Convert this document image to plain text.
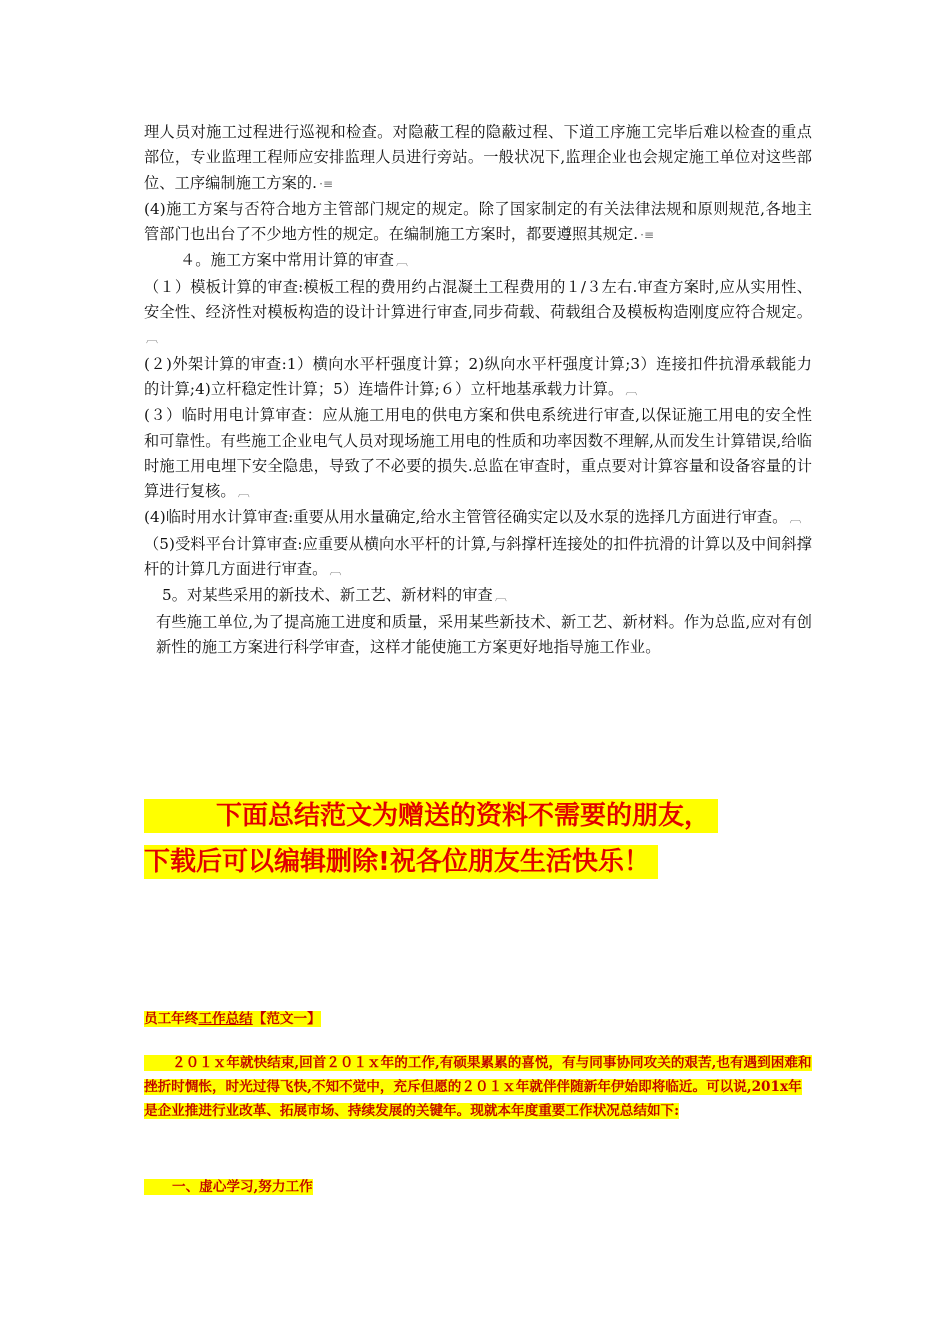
理人员对施工过程进行巡视和检查。对隐蔽工程的隐蔽过程、下道工序施工完毕后难以检查的重点部位，专业监理工程师应安排监理人员进行旁站。一般状况下,监理企业也会规定施工单位对这些部位、工序编制施工方案的. ·≡

(4)施工方案与否符合地方主管部门规定的规定。除了国家制定的有关法律法规和原则规范,各地主管部门也出台了不少地方性的规定。在编制施工方案时，都要遵照其规定. ·≡

４。施工方案中常用计算的审查 ︹

（１）模板计算的审查:模板工程的费用约占混凝土工程费用的１/３左右.审查方案时,应从实用性、安全性、经济性对模板构造的设计计算进行审查,同步荷载、荷载组合及模板构造刚度应符合规定。︹

(２)外架计算的审查:1）横向水平杆强度计算；2)纵向水平杆强度计算;3）连接扣件抗滑承载能力的计算;4)立杆稳定性计算；5）连墙件计算;６）立杆地基承载力计算。 ︹

(３）临时用电计算审查：应从施工用电的供电方案和供电系统进行审查,以保证施工用电的安全性和可靠性。有些施工企业电气人员对现场施工用电的性质和功率因数不理解,从而发生计算错误,给临时施工用电埋下安全隐患，导致了不必要的损失.总监在审查时，重点要对计算容量和设备容量的计算进行复核。 ︹

(4)临时用水计算审查:重要从用水量确定,给水主管管径确实定以及水泵的选择几方面进行审查。 ︹

（5)受料平台计算审查:应重要从横向水平杆的计算,与斜撑杆连接处的扣件抗滑的计算以及中间斜撑杆的计算几方面进行审查。 ︹

5。对某些采用的新技术、新工艺、新材料的审查 ︹

有些施工单位,为了提高施工进度和质量，采用某些新技术、新工艺、新材料。作为总监,应对有创新性的施工方案进行科学审查，这样才能使施工方案更好地指导施工作业。

下面总结范文为赠送的资料不需要的朋友，
下载后可以编辑删除!祝各位朋友生活快乐！
员工年终工作总结【范文一】

２０１ｘ年就快结束,回首２０１ｘ年的工作,有硕果累累的喜悦，有与同事协同攻关的艰苦,也有遇到困难和挫折时惆怅，时光过得飞快,不知不觉中，充斥但愿的２０１ｘ年就伴伴随新年伊始即将临近。可以说,201x年是企业推进行业改革、拓展市场、持续发展的关键年。现就本年度重要工作状况总结如下:

一、虚心学习,努力工作
